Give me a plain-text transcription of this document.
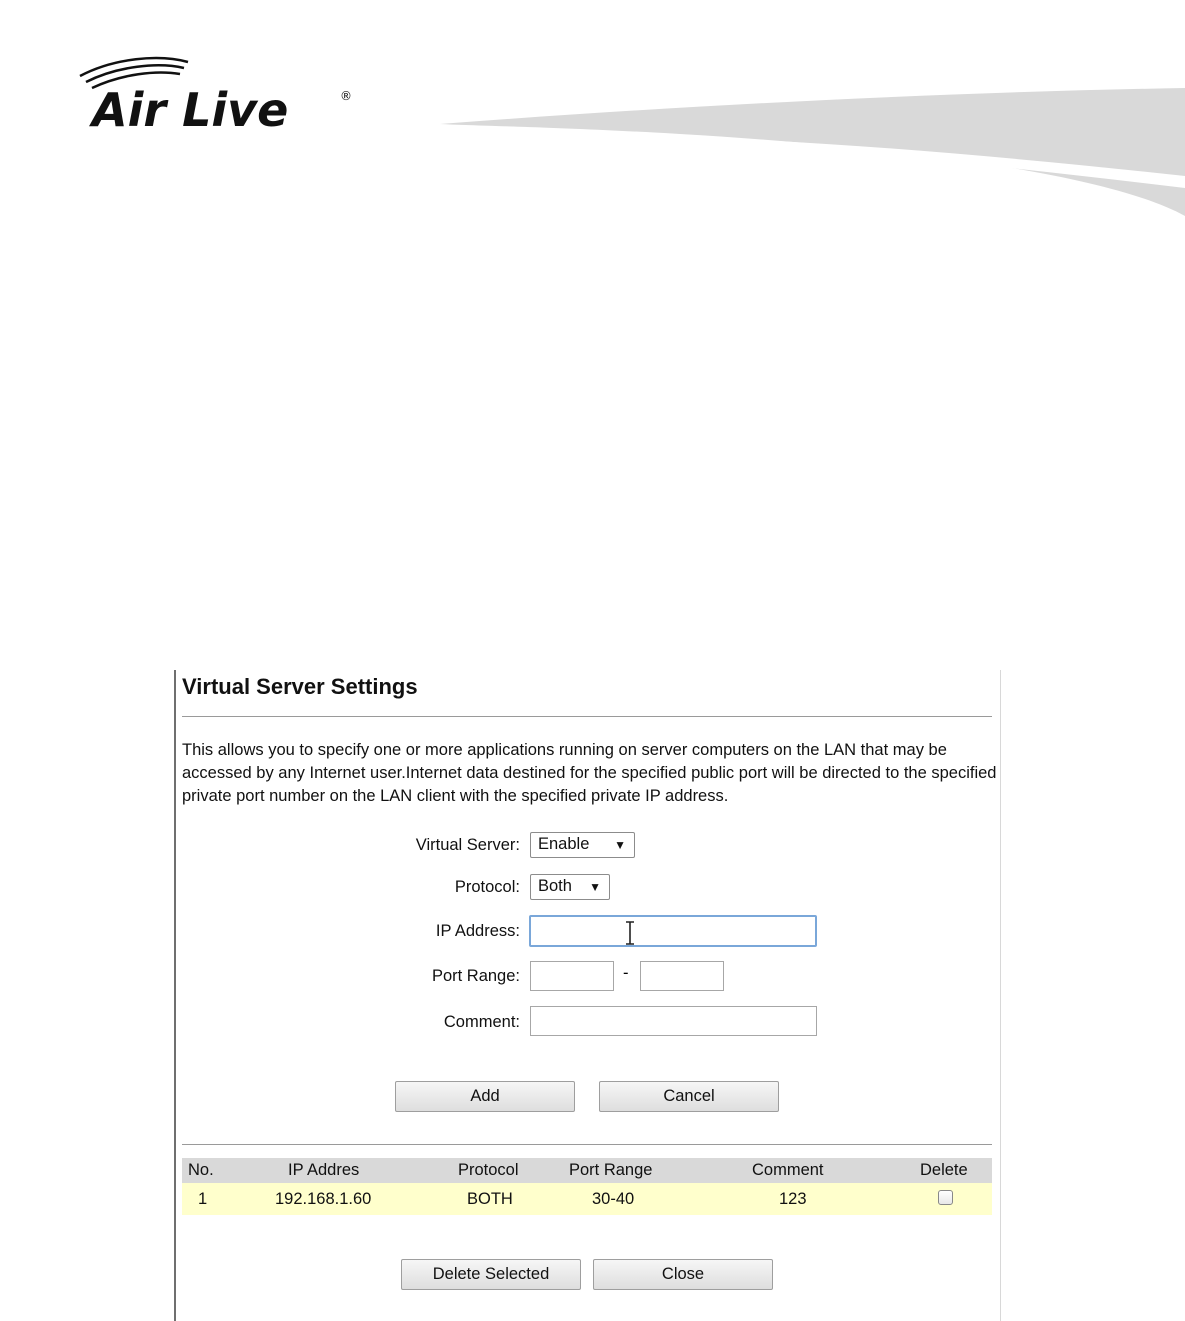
Air Live	®
Virtual Server Settings
This allows you to specify one or more applications running on server computers on the LAN that may be accessed by any Internet user.Internet data destined for the specified public port will be directed to the specified private port number on the LAN client with the specified private IP address.
Virtual Server:	Enable ▼
Protocol:	Both ▼
IP Address:
Port Range:	-
Comment:
Add	Cancel
No.	IP Addres	Protocol	Port Range	Comment	Delete
1	192.168.1.60	BOTH	30-40	123
Delete Selected	Close
